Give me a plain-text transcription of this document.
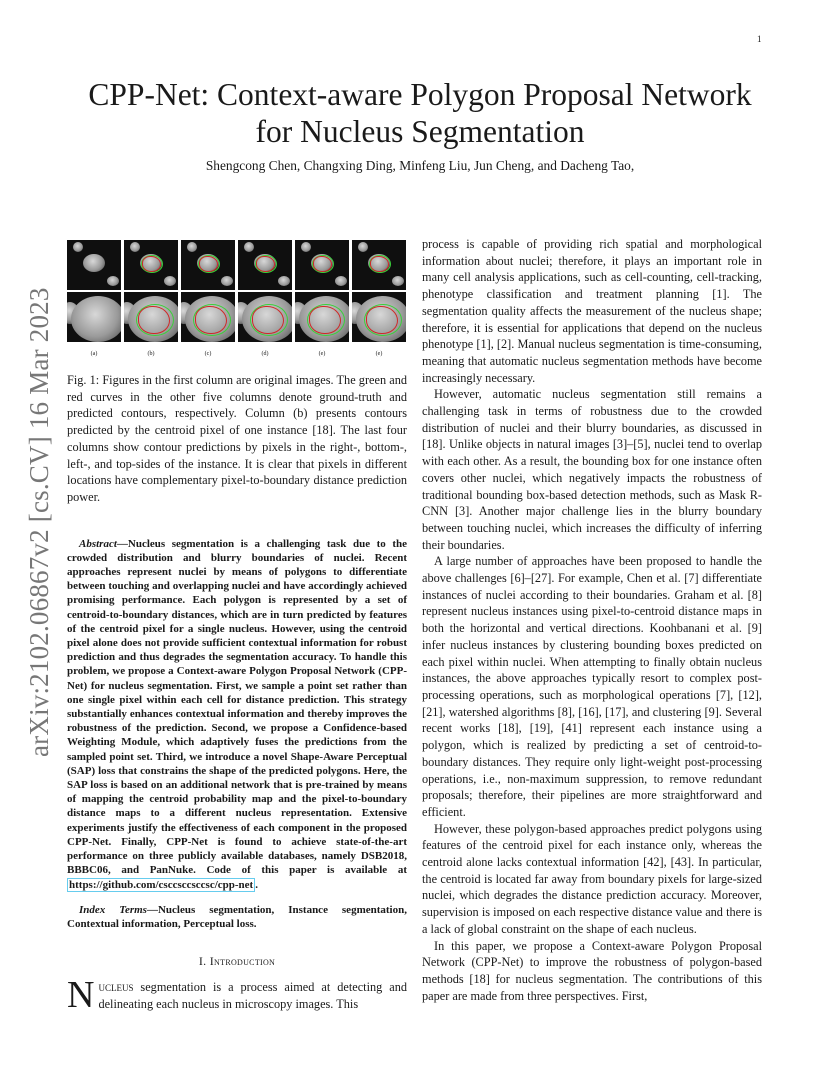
1
arXiv:2102.06867v2 [cs.CV] 16 Mar 2023
CPP-Net: Context-aware Polygon Proposal Network
for Nucleus Segmentation
Shengcong Chen, Changxing Ding, Minfeng Liu, Jun Cheng, and Dacheng Tao,
(a)	(b)	(c)	(d)	(e)	(e)
Fig. 1: Figures in the first column are original images. The green and red curves in the other five columns denote ground-truth and predicted contours, respectively. Column (b) presents contours predicted by the centroid pixel of one instance [18]. The last four columns show contour predictions by pixels in the right-, bottom-, left-, and top-sides of the instance. It is clear that pixels in different locations have complementary pixel-to-boundary distance prediction power.
Abstract—Nucleus segmentation is a challenging task due to the crowded distribution and blurry boundaries of nuclei. Recent approaches represent nuclei by means of polygons to differentiate between touching and overlapping nuclei and have accordingly achieved promising performance. Each polygon is represented by a set of centroid-to-boundary distances, which are in turn predicted by features of the centroid pixel for a single nucleus. However, using the centroid pixel alone does not provide sufficient contextual information for robust prediction and thus degrades the segmentation accuracy. To handle this problem, we propose a Context-aware Polygon Proposal Network (CPP-Net) for nucleus segmentation. First, we sample a point set rather than one single pixel within each cell for distance prediction. This strategy substantially enhances contextual information and thereby improves the robustness of the prediction. Second, we propose a Confidence-based Weighting Module, which adaptively fuses the predictions from the sampled point set. Third, we introduce a novel Shape-Aware Perceptual (SAP) loss that constrains the shape of the predicted polygons. Here, the SAP loss is based on an additional network that is pre-trained by means of mapping the centroid probability map and the pixel-to-boundary distance maps to a different nucleus representation. Extensive experiments justify the effectiveness of each component in the proposed CPP-Net. Finally, CPP-Net is found to achieve state-of-the-art performance on three publicly available databases, namely DSB2018, BBBC06, and PanNuke. Code of this paper is available at https://github.com/csccsccsccsc/cpp-net .
Index Terms—Nucleus segmentation, Instance segmentation, Contextual information, Perceptual loss.
I. Introduction
Nucleus segmentation is a process aimed at detecting and delineating each nucleus in microscopy images. This

process is capable of providing rich spatial and morphological information about nuclei; therefore, it plays an important role in many cell analysis applications, such as cell-counting, cell-tracking, phenotype classification and treatment planning [1]. The segmentation quality affects the measurement of the nucleus shape; therefore, it is essential for applications that depend on the nucleus phenotype [1], [2]. Manual nucleus segmentation is time-consuming, meaning that automatic nucleus segmentation methods have become increasingly necessary.

However, automatic nucleus segmentation still remains a challenging task in terms of robustness due to the crowded distribution of nuclei and their blurry boundaries, as discussed in [18]. Unlike objects in natural images [3]–[5], nuclei tend to overlap with each other. As a result, the bounding box for one instance often covers other nuclei, which negatively impacts the robustness of traditional bounding box-based detection methods, such as Mask R-CNN [3]. Another major challenge lies in the blurry boundary between touching nuclei, which increases the difficulty of inferring their boundaries.

A large number of approaches have been proposed to handle the above challenges [6]–[27]. For example, Chen et al. [7] differentiate instances of nuclei according to their boundaries. Graham et al. [8] represent nucleus instances using pixel-to-centroid distance maps in both the horizontal and vertical directions. Koohbanani et al. [9] infer nucleus instances by clustering bounding boxes predicted on each pixel within nuclei. When attempting to finally obtain nucleus instances, the above approaches typically resort to complex post-processing operations, such as morphological operations [7], [12], [21], watershed algorithms [8], [16], [17], and clustering [9]. Several recent works [18], [19], [41] represent each instance using a polygon, which is realized by predicting a set of centroid-to-boundary distances. They require only light-weight post-processing operations, i.e., non-maximum suppression, to remove redundant proposals; therefore, their pipelines are more straightforward and efficient.

However, these polygon-based approaches predict polygons using features of the centroid pixel for each instance only, whereas the centroid alone lacks contextual information [42], [43]. In particular, the centroid is located far away from boundary pixels for large-sized nuclei, which degrades the distance prediction accuracy. Moreover, supervision is imposed on each respective distance value and there is a lack of global constraint on the shape of each nucleus.

In this paper, we propose a Context-aware Polygon Proposal Network (CPP-Net) to improve the robustness of polygon-based methods [18] for nucleus segmentation. The contributions of this paper are made from three perspectives. First,
